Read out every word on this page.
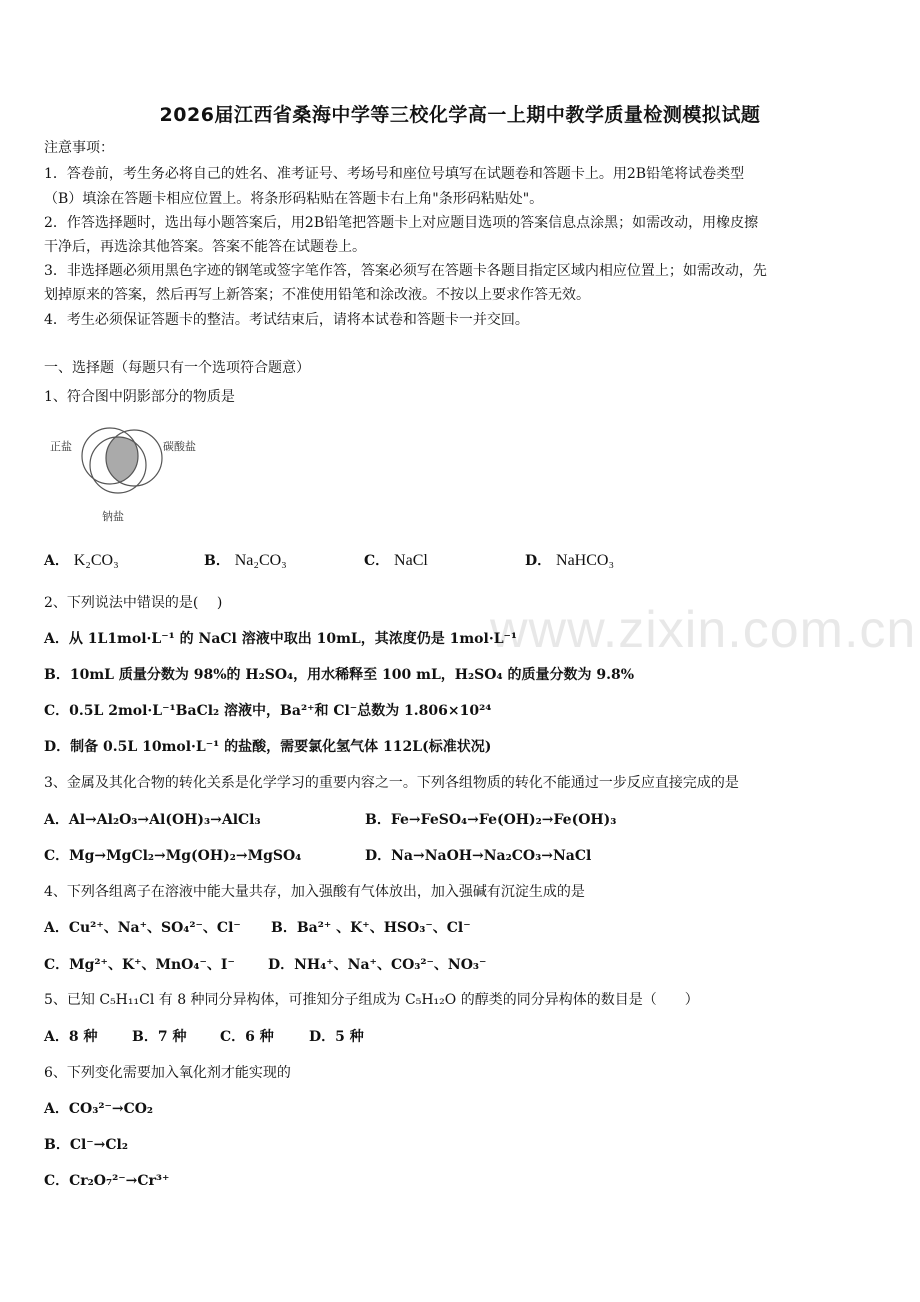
2026届江西省桑海中学等三校化学高一上期中教学质量检测模拟试题
注意事项：
1．答卷前，考生务必将自己的姓名、准考证号、考场号和座位号填写在试题卷和答题卡上。用2B铅笔将试卷类型
（B）填涂在答题卡相应位置上。将条形码粘贴在答题卡右上角"条形码粘贴处"。
2．作答选择题时，选出每小题答案后，用2B铅笔把答题卡上对应题目选项的答案信息点涂黑；如需改动，用橡皮擦
干净后，再选涂其他答案。答案不能答在试题卷上。
3．非选择题必须用黑色字迹的钢笔或签字笔作答，答案必须写在答题卡各题目指定区域内相应位置上；如需改动，先
划掉原来的答案，然后再写上新答案；不准使用铅笔和涂改液。不按以上要求作答无效。
4．考生必须保证答题卡的整洁。考试结束后，请将本试卷和答题卡一并交回。
一、选择题（每题只有一个选项符合题意）
1、符合图中阴影部分的物质是
正盐	碳酸盐
钠盐
A． K₂CO₃	B． Na₂CO₃	C． NaCl	D． NaHCO₃
www.zixin.com.cn
2、下列说法中错误的是(　 )
A．从 1L1mol·L⁻¹ 的 NaCl 溶液中取出 10mL，其浓度仍是 1mol·L⁻¹
B．10mL 质量分数为 98%的 H₂SO₄，用水稀释至 100 mL，H₂SO₄ 的质量分数为 9.8%
C．0.5L 2mol·L⁻¹BaCl₂ 溶液中，Ba²⁺和 Cl⁻总数为 1.806×10²⁴
D．制备 0.5L 10mol·L⁻¹ 的盐酸，需要氯化氢气体 112L(标准状况)
3、金属及其化合物的转化关系是化学学习的重要内容之一。下列各组物质的转化不能通过一步反应直接完成的是
A．Al→Al₂O₃→Al(OH)₃→AlCl₃	B．Fe→FeSO₄→Fe(OH)₂→Fe(OH)₃
C．Mg→MgCl₂→Mg(OH)₂→MgSO₄	D．Na→NaOH→Na₂CO₃→NaCl
4、下列各组离子在溶液中能大量共存，加入强酸有气体放出，加入强碱有沉淀生成的是
A．Cu²⁺、Na⁺、SO₄²⁻、Cl⁻ B．Ba²⁺ 、K⁺、HSO₃⁻、Cl⁻
C．Mg²⁺、K⁺、MnO₄⁻、I⁻ D．NH₄⁺、Na⁺、CO₃²⁻、NO₃⁻
5、已知 C₅H₁₁Cl 有 8 种同分异构体，可推知分子组成为 C₅H₁₂O 的醇类的同分异构体的数目是（　　）
A．8 种 B．7 种 C．6 种	D．5 种
6、下列变化需要加入氧化剂才能实现的
A．CO₃²⁻→CO₂
B．Cl⁻→Cl₂
C．Cr₂O₇²⁻→Cr³⁺
